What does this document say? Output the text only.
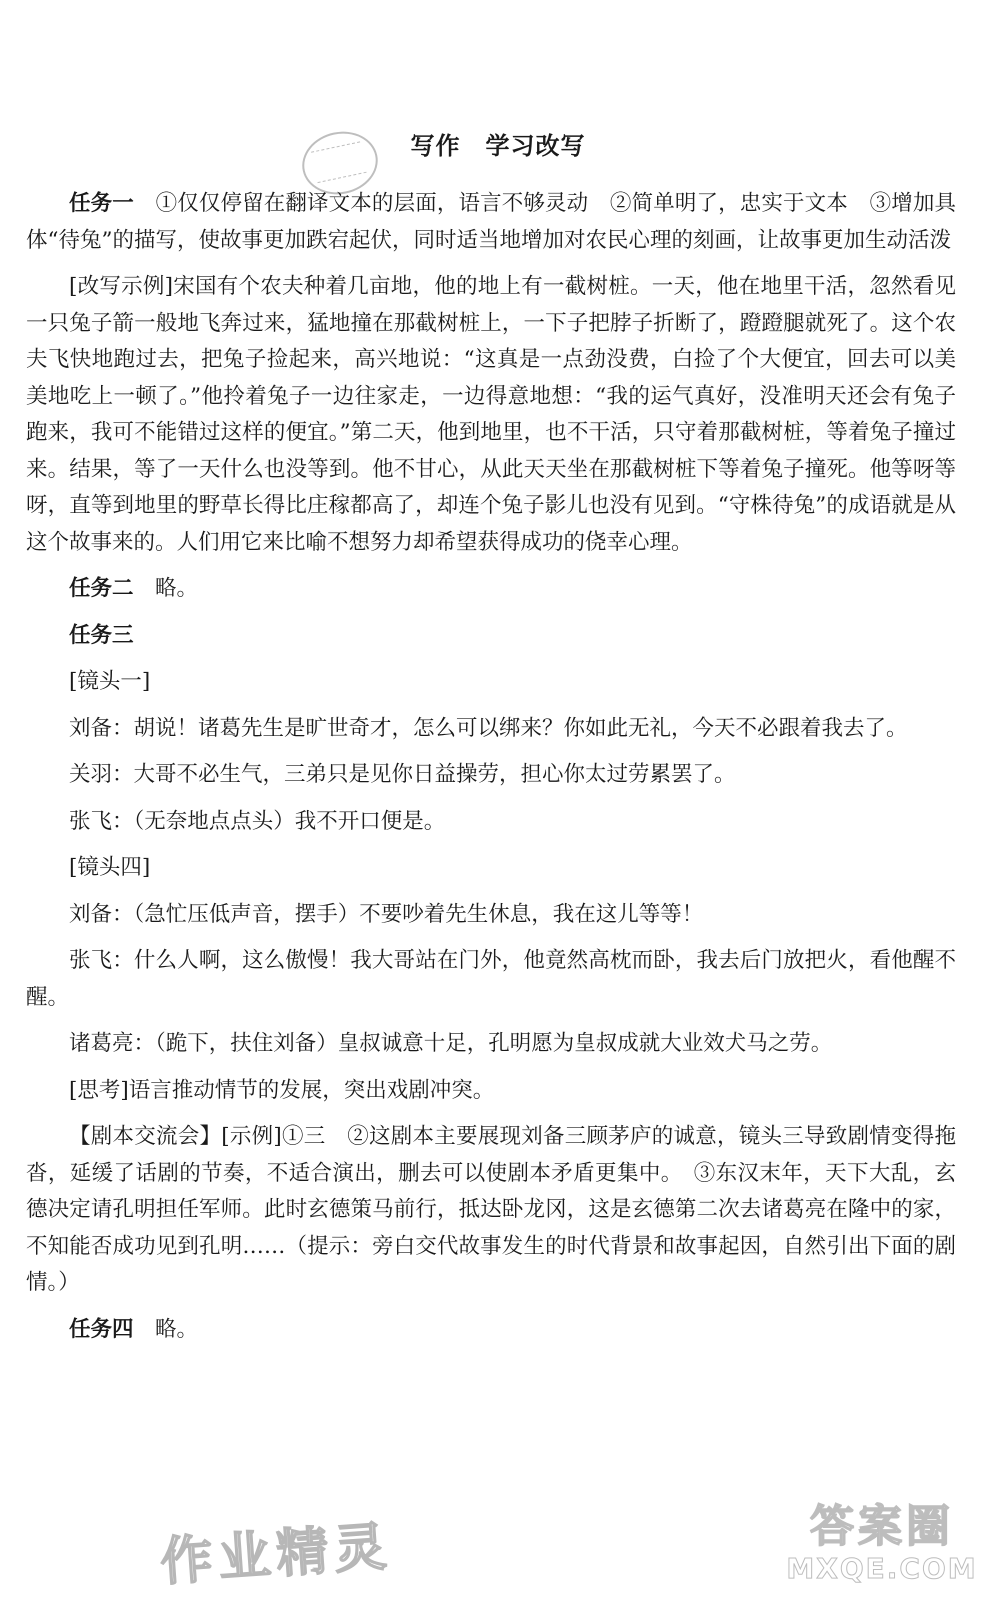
写作　学习改写

任务一　 ①仅仅停留在翻译文本的层面，语言不够灵动　②简单明了，忠实于文本　③增加具体“待兔”的描写，使故事更加跌宕起伏，同时适当地增加对农民心理的刻画，让故事更加生动活泼

[改写示例]宋国有个农夫种着几亩地，他的地上有一截树桩。一天，他在地里干活，忽然看见一只兔子箭一般地飞奔过来，猛地撞在那截树桩上，一下子把脖子折断了，蹬蹬腿就死了。这个农夫飞快地跑过去，把兔子捡起来，高兴地说：“这真是一点劲没费，白捡了个大便宜，回去可以美美地吃上一顿了。”他拎着兔子一边往家走，一边得意地想：“我的运气真好，没准明天还会有兔子跑来，我可不能错过这样的便宜。”第二天，他到地里，也不干活，只守着那截树桩，等着兔子撞过来。结果，等了一天什么也没等到。他不甘心，从此天天坐在那截树桩下等着兔子撞死。他等呀等呀，直等到地里的野草长得比庄稼都高了，却连个兔子影儿也没有见到。“守株待兔”的成语就是从这个故事来的。人们用它来比喻不想努力却希望获得成功的侥幸心理。

任务二　略。

任务三

[镜头一]

刘备：胡说！诸葛先生是旷世奇才，怎么可以绑来？你如此无礼，今天不必跟着我去了。

关羽：大哥不必生气，三弟只是见你日益操劳，担心你太过劳累罢了。

张飞：（无奈地点点头）我不开口便是。

[镜头四]

刘备：（急忙压低声音，摆手）不要吵着先生休息，我在这儿等等！

张飞：什么人啊，这么傲慢！我大哥站在门外，他竟然高枕而卧，我去后门放把火，看他醒不醒。

诸葛亮：（跪下，扶住刘备）皇叔诚意十足，孔明愿为皇叔成就大业效犬马之劳。

[思考]语言推动情节的发展，突出戏剧冲突。

【剧本交流会】[示例]①三　②这剧本主要展现刘备三顾茅庐的诚意，镜头三导致剧情变得拖沓，延缓了话剧的节奏，不适合演出，删去可以使剧本矛盾更集中。　③东汉末年，天下大乱，玄德决定请孔明担任军师。此时玄德策马前行，抵达卧龙冈，这是玄德第二次去诸葛亮在隆中的家，不知能否成功见到孔明……（提示：旁白交代故事发生的时代背景和故事起因，自然引出下面的剧情。）

任务四　略。

作业精灵	答案圈
MXQE.COM
